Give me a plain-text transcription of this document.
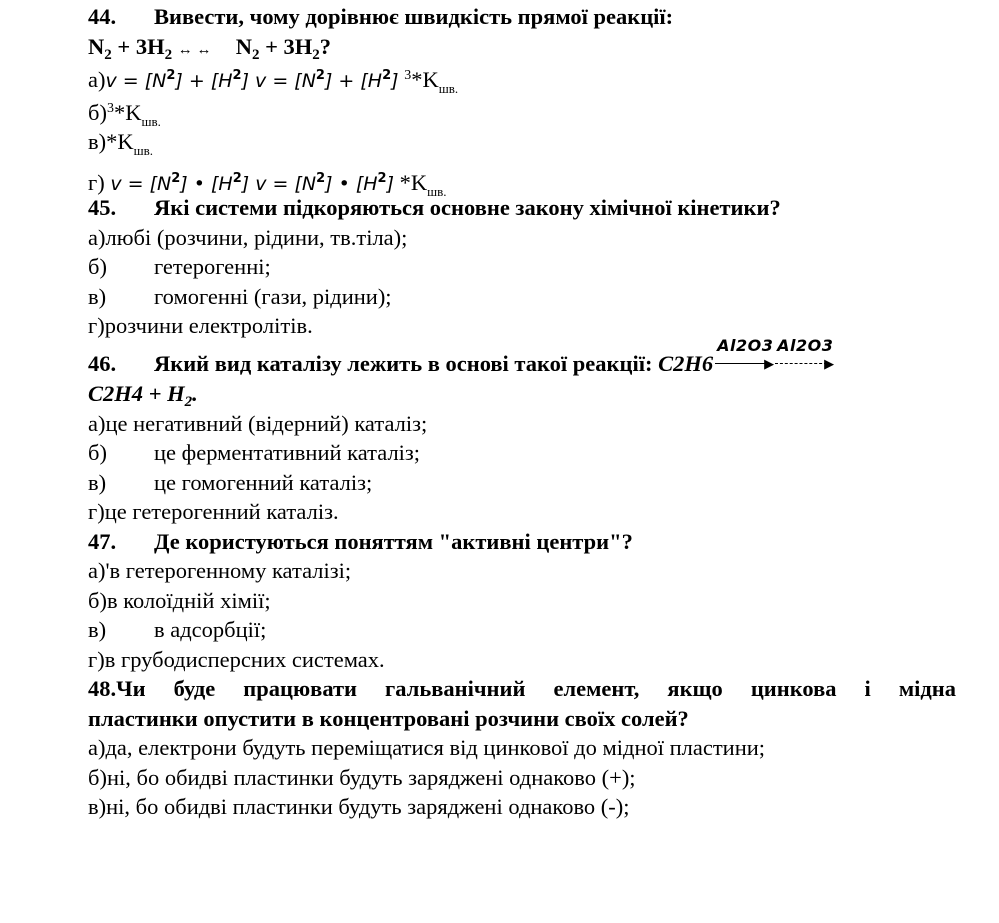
44. Вивести, чому дорівнює швидкість прямої реакції:
$N_2 + 3H_2$ ↔ ↔ $N_2 + 3H_2$?
$а)v = [N^2] + [H^2] v = [N^2] + [H^2]$ $^3*K_{шв.}$
$б)^3*K_{шв.}$
$в)*K_{шв.}$
г) $v = [N^2]$ • $[H^2] v = [N^2]$ • $[H^2]$ $*K_{шв.}$
45. Які системи підкоряються основне закону хімічної кінетики?
а)любі (розчини, рідини, тв.тіла);
б) гетерогенні;
в) гомогенні (гази, рідини);
г)розчини електролітів.
46. Який вид каталізу лежить в основі такої реакції: C2H6
Al2O3
▶
Al2O3
▶
$C2H4 + H_2$.
а)це негативний (відерний) каталіз;
б) це ферментативний каталіз;
в) це гомогенний каталіз;
г)це гетерогенний каталіз.
47. Де користуються поняттям "активні центри"?
а)'в гетерогенному каталізі;
б)в колоїдній хімії;
в) в адсорбції;
г)в грубодисперсних системах.
48.Чи буде працювати гальванічний елемент, якщо цинкова і мідна
пластинки опустити в концентровані розчини своїх солей?
а)да, електрони будуть переміщатися від цинкової до мідної пластини;
б)ні, бо обидві пластинки будуть заряджені однаково (+);
в)ні, бо обидві пластинки будуть заряджені однаково (-);
